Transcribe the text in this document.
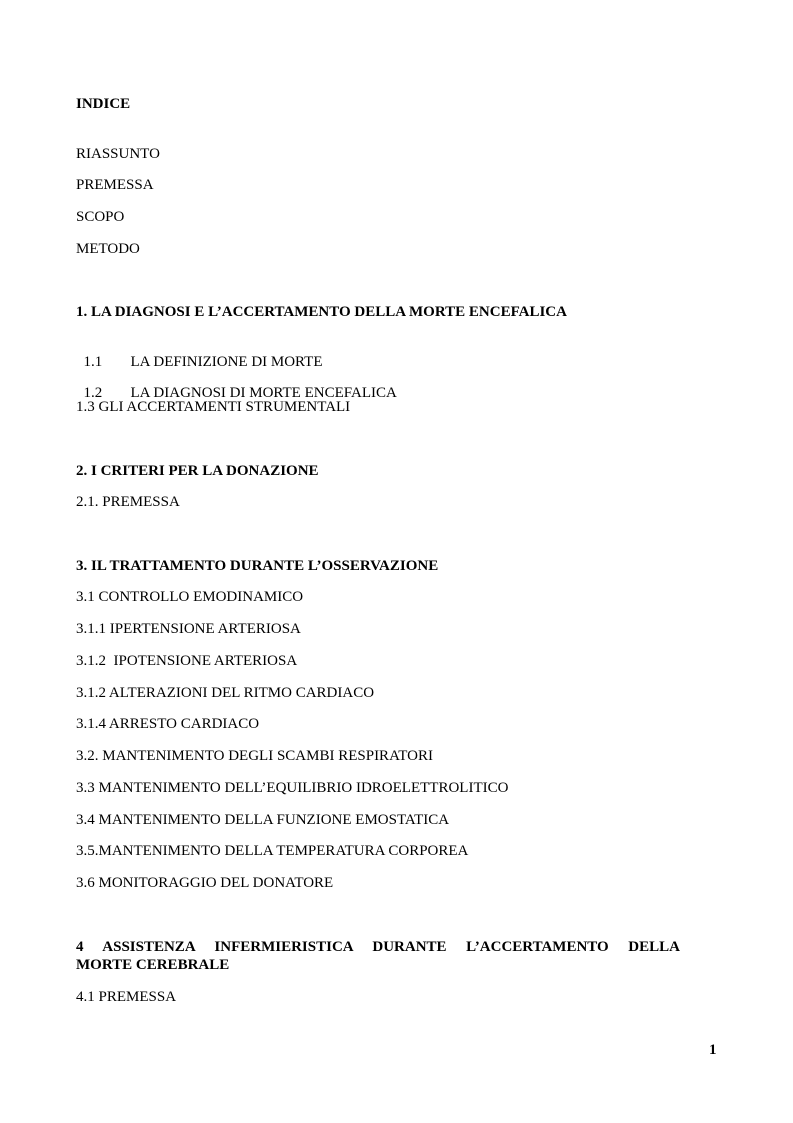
INDICE
RIASSUNTO
PREMESSA
SCOPO
METODO
1. LA DIAGNOSI E L’ACCERTAMENTO DELLA MORTE ENCEFALICA

1.1 LA DEFINIZIONE DI MORTE

1.2 LA DIAGNOSI DI MORTE ENCEFALICA

1.3 GLI ACCERTAMENTI STRUMENTALI
2. I CRITERI PER LA DONAZIONE
2.1. PREMESSA
3. IL TRATTAMENTO DURANTE L’OSSERVAZIONE
3.1 CONTROLLO EMODINAMICO
3.1.1 IPERTENSIONE ARTERIOSA
3.1.2  IPOTENSIONE ARTERIOSA
3.1.2 ALTERAZIONI DEL RITMO CARDIACO
3.1.4 ARRESTO CARDIACO
3.2. MANTENIMENTO DEGLI SCAMBI RESPIRATORI
3.3 MANTENIMENTO DELL’EQUILIBRIO IDROELETTROLITICO
3.4 MANTENIMENTO DELLA FUNZIONE EMOSTATICA
3.5.MANTENIMENTO DELLA TEMPERATURA CORPOREA
3.6 MONITORAGGIO DEL DONATORE
4 ASSISTENZA INFERMIERISTICA DURANTE L’ACCERTAMENTO DELLA
MORTE CEREBRALE
4.1 PREMESSA
1
